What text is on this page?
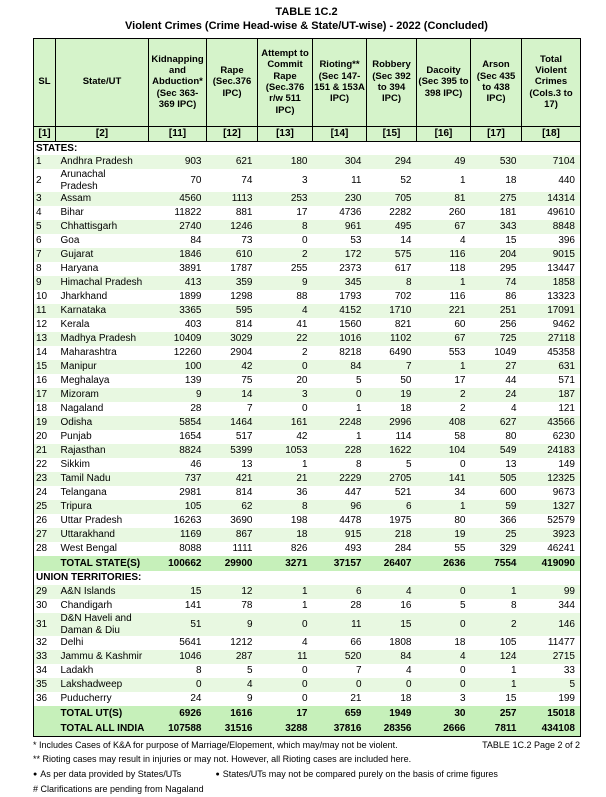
TABLE 1C.2
Violent Crimes (Crime Head-wise & State/UT-wise) - 2022 (Concluded)
SL	State/UT	Kidnapping and Abduction* (Sec 363-369 IPC)	Rape (Sec.376 IPC)	Attempt to Commit Rape (Sec.376 r/w 511 IPC)	Rioting** (Sec 147-151 & 153A IPC)	Robbery (Sec 392 to 394 IPC)	Dacoity (Sec 395 to 398 IPC)	Arson (Sec 435 to 438 IPC)	Total Violent Crimes (Cols.3 to 17)
[1]	[2]	[11]	[12]	[13]	[14]	[15]	[16]	[17]	[18]
STATES:									
1	Andhra Pradesh	903	621	180	304	294	49	530	7104
2	Arunachal Pradesh	70	74	3	11	52	1	18	440
3	Assam	4560	1113	253	230	705	81	275	14314
4	Bihar	11822	881	17	4736	2282	260	181	49610
5	Chhattisgarh	2740	1246	8	961	495	67	343	8848
6	Goa	84	73	0	53	14	4	15	396
7	Gujarat	1846	610	2	172	575	116	204	9015
8	Haryana	3891	1787	255	2373	617	118	295	13447
9	Himachal Pradesh	413	359	9	345	8	1	74	1858
10	Jharkhand	1899	1298	88	1793	702	116	86	13323
11	Karnataka	3365	595	4	4152	1710	221	251	17091
12	Kerala	403	814	41	1560	821	60	256	9462
13	Madhya Pradesh	10409	3029	22	1016	1102	67	725	27118
14	Maharashtra	12260	2904	2	8218	6490	553	1049	45358
15	Manipur	100	42	0	84	7	1	27	631
16	Meghalaya	139	75	20	5	50	17	44	571
17	Mizoram	9	14	3	0	19	2	24	187
18	Nagaland	28	7	0	1	18	2	4	121
19	Odisha	5854	1464	161	2248	2996	408	627	43566
20	Punjab	1654	517	42	1	114	58	80	6230
21	Rajasthan	8824	5399	1053	228	1622	104	549	24183
22	Sikkim	46	13	1	8	5	0	13	149
23	Tamil Nadu	737	421	21	2229	2705	141	505	12325
24	Telangana	2981	814	36	447	521	34	600	9673
25	Tripura	105	62	8	96	6	1	59	1327
26	Uttar Pradesh	16263	3690	198	4478	1975	80	366	52579
27	Uttarakhand	1169	867	18	915	218	19	25	3923
28	West Bengal	8088	1111	826	493	284	55	329	46241
	TOTAL STATE(S)	100662	29900	3271	37157	26407	2636	7554	419090
UNION TERRITORIES:									
29	A&N Islands	15	12	1	6	4	0	1	99
30	Chandigarh	141	78	1	28	16	5	8	344
31	D&N Haveli and Daman & Diu	51	9	0	11	15	0	2	146
32	Delhi	5641	1212	4	66	1808	18	105	11477
33	Jammu & Kashmir	1046	287	11	520	84	4	124	2715
34	Ladakh	8	5	0	7	4	0	1	33
35	Lakshadweep	0	4	0	0	0	0	1	5
36	Puducherry	24	9	0	21	18	3	15	199
	TOTAL UT(S)	6926	1616	17	659	1949	30	257	15018
	TOTAL ALL INDIA	107588	31516	3288	37816	28356	2666	7811	434108
* Includes Cases of K&A for purpose of Marriage/Elopement, which may/may not be violent.	TABLE 1C.2 Page 2 of 2
** Rioting cases may result in injuries or may not. However, all Rioting cases are included here.
● As per data provided by States/UTs	● States/UTs may not be compared purely on the basis of crime figures
# Clarifications are pending from Nagaland
